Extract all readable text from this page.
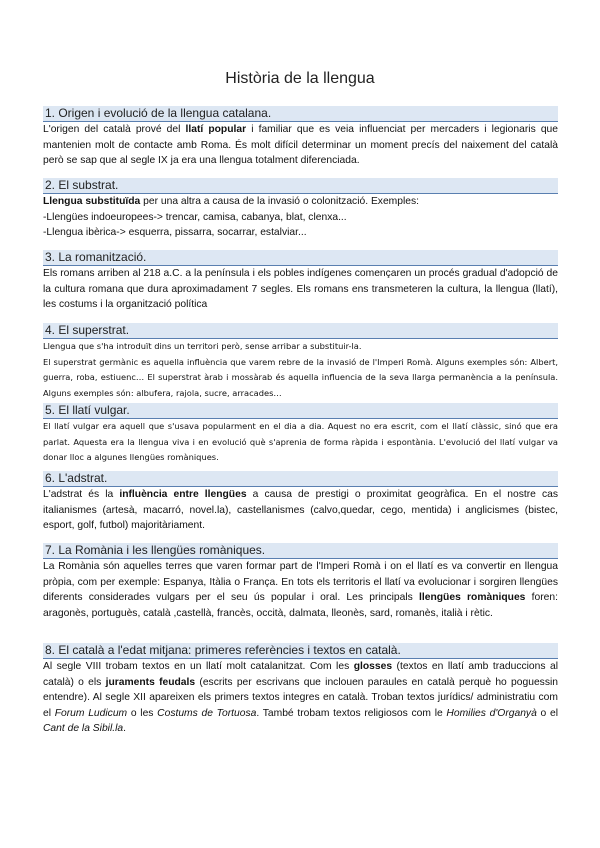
Història de la llengua
1. Origen i evolució de la llengua catalana.

L'origen del català prové del llatí popular i familiar que es veia influenciat per mercaders i legionaris que mantenien molt de contacte amb Roma. És molt difícil determinar un moment precís del naixement del català però se sap que al segle IX ja era una llengua totalment diferenciada.

2. El substrat.

Llengua substituïda per una altra a causa de la invasió o colonització. Exemples:

-Llengües indoeuropees-> trencar, camisa, cabanya, blat, clenxa...

-Llengua ibèrica-> esquerra, pissarra, socarrar, estalviar...

3. La romanització.

Els romans arriben al 218 a.C. a la península i els pobles indígenes començaren un procés gradual d'adopció de la cultura romana que dura aproximadament 7 segles. Els romans ens transmeteren la cultura, la llengua (llatí), les costums i la organització política

4. El superstrat.

Llengua que s'ha introduït dins un territori però, sense arribar a substituir-la.

El superstrat germànic es aquella influència que varem rebre de la invasió de l'Imperi Romà. Alguns exemples són: Albert, guerra, roba, estiuenc… El superstrat àrab i mossàrab és aquella influencia de la seva llarga permanència a la península. Alguns exemples són: albufera, rajola, sucre, arracades…

5. El llatí vulgar.

El llatí vulgar era aquell que s'usava popularment en el dia a dia. Aquest no era escrit, com el llatí clàssic, sinó que era parlat. Aquesta era la llengua viva i en evolució què s'aprenia de forma ràpida i espontània. L'evolució del llatí vulgar va donar lloc a algunes llengües romàniques.

6. L'adstrat.

L'adstrat és la influència entre llengües a causa de prestigi o proximitat geogràfica. En el nostre cas italianismes (artesà, macarró, novel.la), castellanismes (calvo,quedar, cego, mentida) i anglicismes (bistec, esport, golf, futbol) majoritàriament.

7. La Romània i les llengües romàniques.

La Romània són aquelles terres que varen formar part de l'Imperi Romà i on el llatí es va convertir en llengua pròpia, com per exemple: Espanya, Itàlia o França. En tots els territoris el llatí va evolucionar i sorgiren llengües diferents considerades vulgars per el seu ús popular i oral. Les principals llengües romàniques foren: aragonès, portuguès, català ,castellà, francès, occità, dalmata, lleonès, sard, romanès, italià i rètic.

8. El català a l'edat mitjana: primeres referències i textos en català.

Al segle VIII trobam textos en un llatí molt catalanitzat. Com les glosses (textos en llatí amb traduccions al català) o els juraments feudals (escrits per escrivans que inclouen paraules en català perquè ho poguessin entendre). Al segle XII apareixen els primers textos integres en català. Troban textos jurídics/ administratiu com el Forum Ludicum o les Costums de Tortuosa. També trobam textos religiosos com le Homilies d'Organyà o el Cant de la Sibil.la.
